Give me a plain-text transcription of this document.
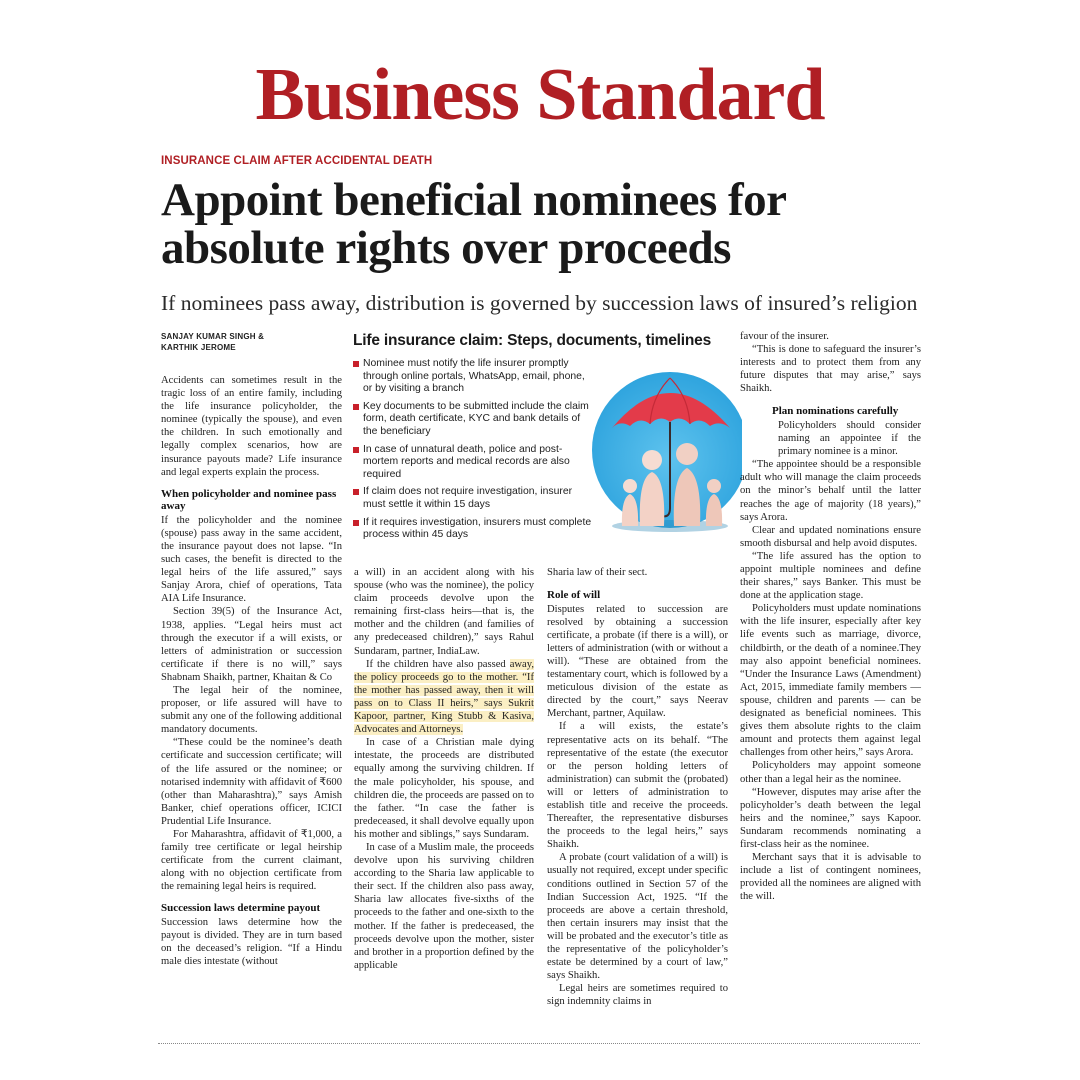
Business Standard
INSURANCE CLAIM AFTER ACCIDENTAL DEATH
Appoint beneficial nominees for absolute rights over proceeds
If nominees pass away, distribution is governed by succession laws of insured’s religion
SANJAY KUMAR SINGH &
KARTHIK JEROME

Accidents can sometimes result in the tragic loss of an entire family, including the life insurance policyholder, the nominee (typically the spouse), and even the children. In such emotionally and legally complex scenarios, how are insurance payouts made? Life insurance and legal experts explain the process.

When policyholder and nominee pass away

If the policyholder and the nominee (spouse) pass away in the same accident, the insurance payout does not lapse. “In such cases, the benefit is directed to the legal heirs of the life assured,” says Sanjay Arora, chief of operations, Tata AIA Life Insurance.

Section 39(5) of the Insurance Act, 1938, applies. “Legal heirs must act through the executor if a will exists, or letters of administration or succession certificate if there is no will,” says Shabnam Shaikh, partner, Khaitan & Co

The legal heir of the nominee, proposer, or life assured will have to submit any one of the following additional mandatory documents.

“These could be the nominee’s death certificate and succession certificate; will of the life assured or the nominee; or notarised indemnity with affidavit of ₹600 (other than Maharashtra),” says Amish Banker, chief operations officer, ICICI Prudential Life Insurance.

For Maharashtra, affidavit of ₹1,000, a family tree certificate or legal heirship certificate from the current claimant, along with no objection certificate from the remaining legal heirs is required.

Succession laws determine payout

Succession laws determine how the payout is divided. They are in turn based on the deceased’s religion. “If a Hindu male dies intestate (without

Life insurance claim: Steps, documents, timelines
Nominee must notify the life insurer promptly through online portals, WhatsApp, email, phone, or by visiting a branch
Key documents to be submitted include the claim form, death certificate, KYC and bank details of the beneficiary
In case of unnatural death, police and post-mortem reports and medical records are also required
If claim does not require investigation, insurer must settle it within 15 days
If it requires investigation, insurers must complete process within 45 days

a will) in an accident along with his spouse (who was the nominee), the policy claim proceeds devolve upon the remaining first-class heirs—that is, the mother and the children (and families of any predeceased children),” says Rahul Sundaram, partner, IndiaLaw.

If the children have also passed away, the policy proceeds go to the mother. “If the mother has passed away, then it will pass on to Class II heirs,” says Sukrit Kapoor, partner, King Stubb & Kasiva, Advocates and Attorneys.

In case of a Christian male dying intestate, the proceeds are distributed equally among the surviving children. If the male policyholder, his spouse, and children die, the proceeds are passed on to the father. “In case the father is predeceased, it shall devolve equally upon his mother and siblings,” says Sundaram.

In case of a Muslim male, the proceeds devolve upon his surviving children according to the Sharia law applicable to their sect. If the children also pass away, Sharia law allocates five-sixths of the proceeds to the father and one-sixth to the mother. If the father is predeceased, the proceeds devolve upon the mother, sister and brother in a proportion defined by the applicable

Sharia law of their sect.

Role of will

Disputes related to succession are resolved by obtaining a succession certificate, a probate (if there is a will), or letters of administration (with or without a will). “These are obtained from the testamentary court, which is followed by a meticulous division of the estate as directed by the court,” says Neerav Merchant, partner, Aquilaw.

If a will exists, the estate’s representative acts on its behalf. “The representative of the estate (the executor or the person holding letters of administration) can submit the (probated) will or letters of administration to establish title and receive the proceeds. Thereafter, the representative disburses the proceeds to the legal heirs,” says Shaikh.

A probate (court validation of a will) is usually not required, except under specific conditions outlined in Section 57 of the Indian Succession Act, 1925. “If the proceeds are above a certain threshold, then certain insurers may insist that the will be probated and the executor’s title as the representative of the policyholder’s estate be determined by a court of law,” says Shaikh.

Legal heirs are sometimes required to sign indemnity claims in

favour of the insurer.

“This is done to safeguard the insurer’s interests and to protect them from any future disputes that may arise,” says Shaikh.

Plan nominations carefully

Policyholders should consider naming an appointee if the primary nominee is a minor.

“The appointee should be a responsible adult who will manage the claim proceeds on the minor’s behalf until the latter reaches the age of majority (18 years),” says Arora.

Clear and updated nominations ensure smooth disbursal and help avoid disputes.

“The life assured has the option to appoint multiple nominees and define their shares,” says Banker. This must be done at the application stage.

Policyholders must update nominations with the life insurer, especially after key life events such as marriage, divorce, childbirth, or the death of a nominee.They may also appoint beneficial nominees. “Under the Insurance Laws (Amendment) Act, 2015, immediate family members — spouse, children and parents — can be designated as beneficial nominees. This gives them absolute rights to the claim amount and protects them against legal challenges from other heirs,” says Arora.

Policyholders may appoint someone other than a legal heir as the nominee.

“However, disputes may arise after the policyholder’s death between the legal heirs and the nominee,” says Kapoor. Sundaram recommends nominating a first-class heir as the nominee.

Merchant says that it is advisable to include a list of contingent nominees, provided all the nominees are aligned with the will.
